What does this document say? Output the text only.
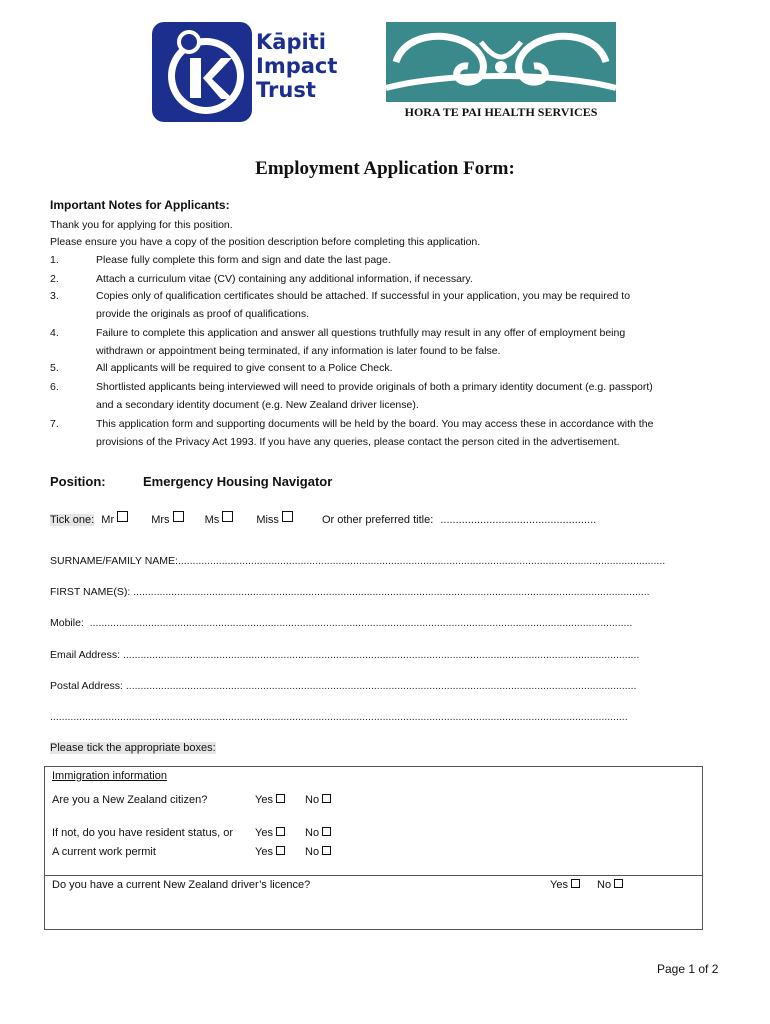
Kāpiti
Impact
Trust
HORA TE PAI HEALTH SERVICES
Employment Application Form:
Important Notes for Applicants:
Thank you for applying for this position.
Please ensure you have a copy of the position description before completing this application.
1.	Please fully complete this form and sign and date the last page.
2.	Attach a curriculum vitae (CV) containing any additional information, if necessary.
3.	Copies only of qualification certificates should be attached. If successful in your application, you may be required to
provide the originals as proof of qualifications.
4.	Failure to complete this application and answer all questions truthfully may result in any offer of employment being
withdrawn or appointment being terminated, if any information is later found to be false.
5.	All applicants will be required to give consent to a Police Check.
6.	Shortlisted applicants being interviewed will need to provide originals of both a primary identity document (e.g. passport)
and a secondary identity document (e.g. New Zealand driver license).
7.	This application form and supporting documents will be held by the board. You may access these in accordance with the
provisions of the Privacy Act 1993. If you have any queries, please contact the person cited in the advertisement.
Position:	Emergency Housing Navigator
Tick one: Mr	Mrs	Ms	Miss	Or other preferred title: ...................................................
SURNAME/FAMILY NAME:.......................................................................................................................................................................
FIRST NAME(S): .................................................................................................................................................................................
Mobile: ..........................................................................................................................................................................................
Email Address: .................................................................................................................................................................................
Postal Address: ...............................................................................................................................................................................
......................................................................................................................................................................................................
Please tick the appropriate boxes:
Immigration information
Are you a New Zealand citizen?	Yes	No
If not, do you have resident status, or Yes	No
A current work permit	Yes	No
Do you have a current New Zealand driver’s licence?	Yes	No
Page 1 of 2
